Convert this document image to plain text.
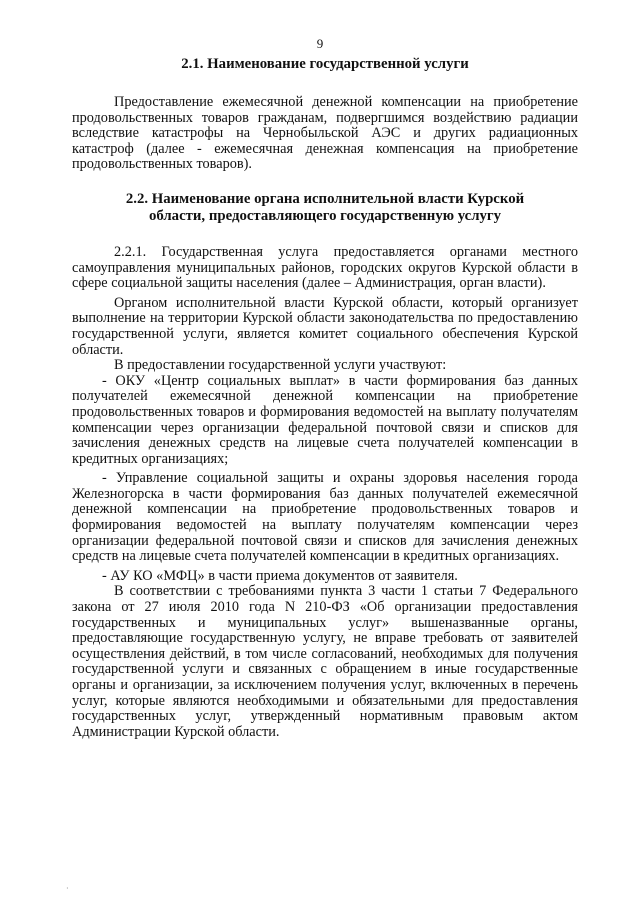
9
2.1. Наименование государственной услуги

Предоставление ежемесячной денежной компенсации на приобретение продовольственных товаров гражданам, подвергшимся воздействию радиации вследствие катастрофы на Чернобыльской АЭС и других радиационных катастроф (далее - ежемесячная денежная компенсация на приобретение продовольственных товаров).

2.2. Наименование органа исполнительной власти Курской
области, предоставляющего государственную услугу

2.2.1. Государственная услуга предоставляется органами местного самоуправления муниципальных районов, городских округов Курской области в сфере социальной защиты населения (далее – Администрация, орган власти).

Органом исполнительной власти Курской области, который организует выполнение на территории Курской области законодательства по предоставлению государственной услуги, является комитет социального обеспечения Курской области.

В предоставлении государственной услуги участвуют:

- ОКУ «Центр социальных выплат» в части формирования баз данных получателей ежемесячной денежной компенсации на приобретение продовольственных товаров и формирования ведомостей на выплату получателям компенсации через организации федеральной почтовой связи и списков для зачисления денежных средств на лицевые счета получателей компенсации в кредитных организациях;

- Управление социальной защиты и охраны здоровья населения города Железногорска в части формирования баз данных получателей ежемесячной денежной компенсации на приобретение продовольственных товаров и формирования ведомостей на выплату получателям компенсации через организации федеральной почтовой связи и списков для зачисления денежных средств на лицевые счета получателей компенсации в кредитных организациях.

- АУ КО «МФЦ» в части приема документов от заявителя.

В соответствии с требованиями пункта 3 части 1 статьи 7 Федерального закона от 27 июля 2010 года N 210-ФЗ «Об организации предоставления государственных и муниципальных услуг» вышеназванные органы, предоставляющие государственную услугу, не вправе требовать от заявителей осуществления действий, в том числе согласований, необходимых для получения государственной услуги и связанных с обращением в иные государственные органы и организации, за исключением получения услуг, включенных в перечень услуг, которые являются необходимыми и обязательными для предоставления государственных услуг, утвержденный нормативным правовым актом Администрации Курской области.

·
